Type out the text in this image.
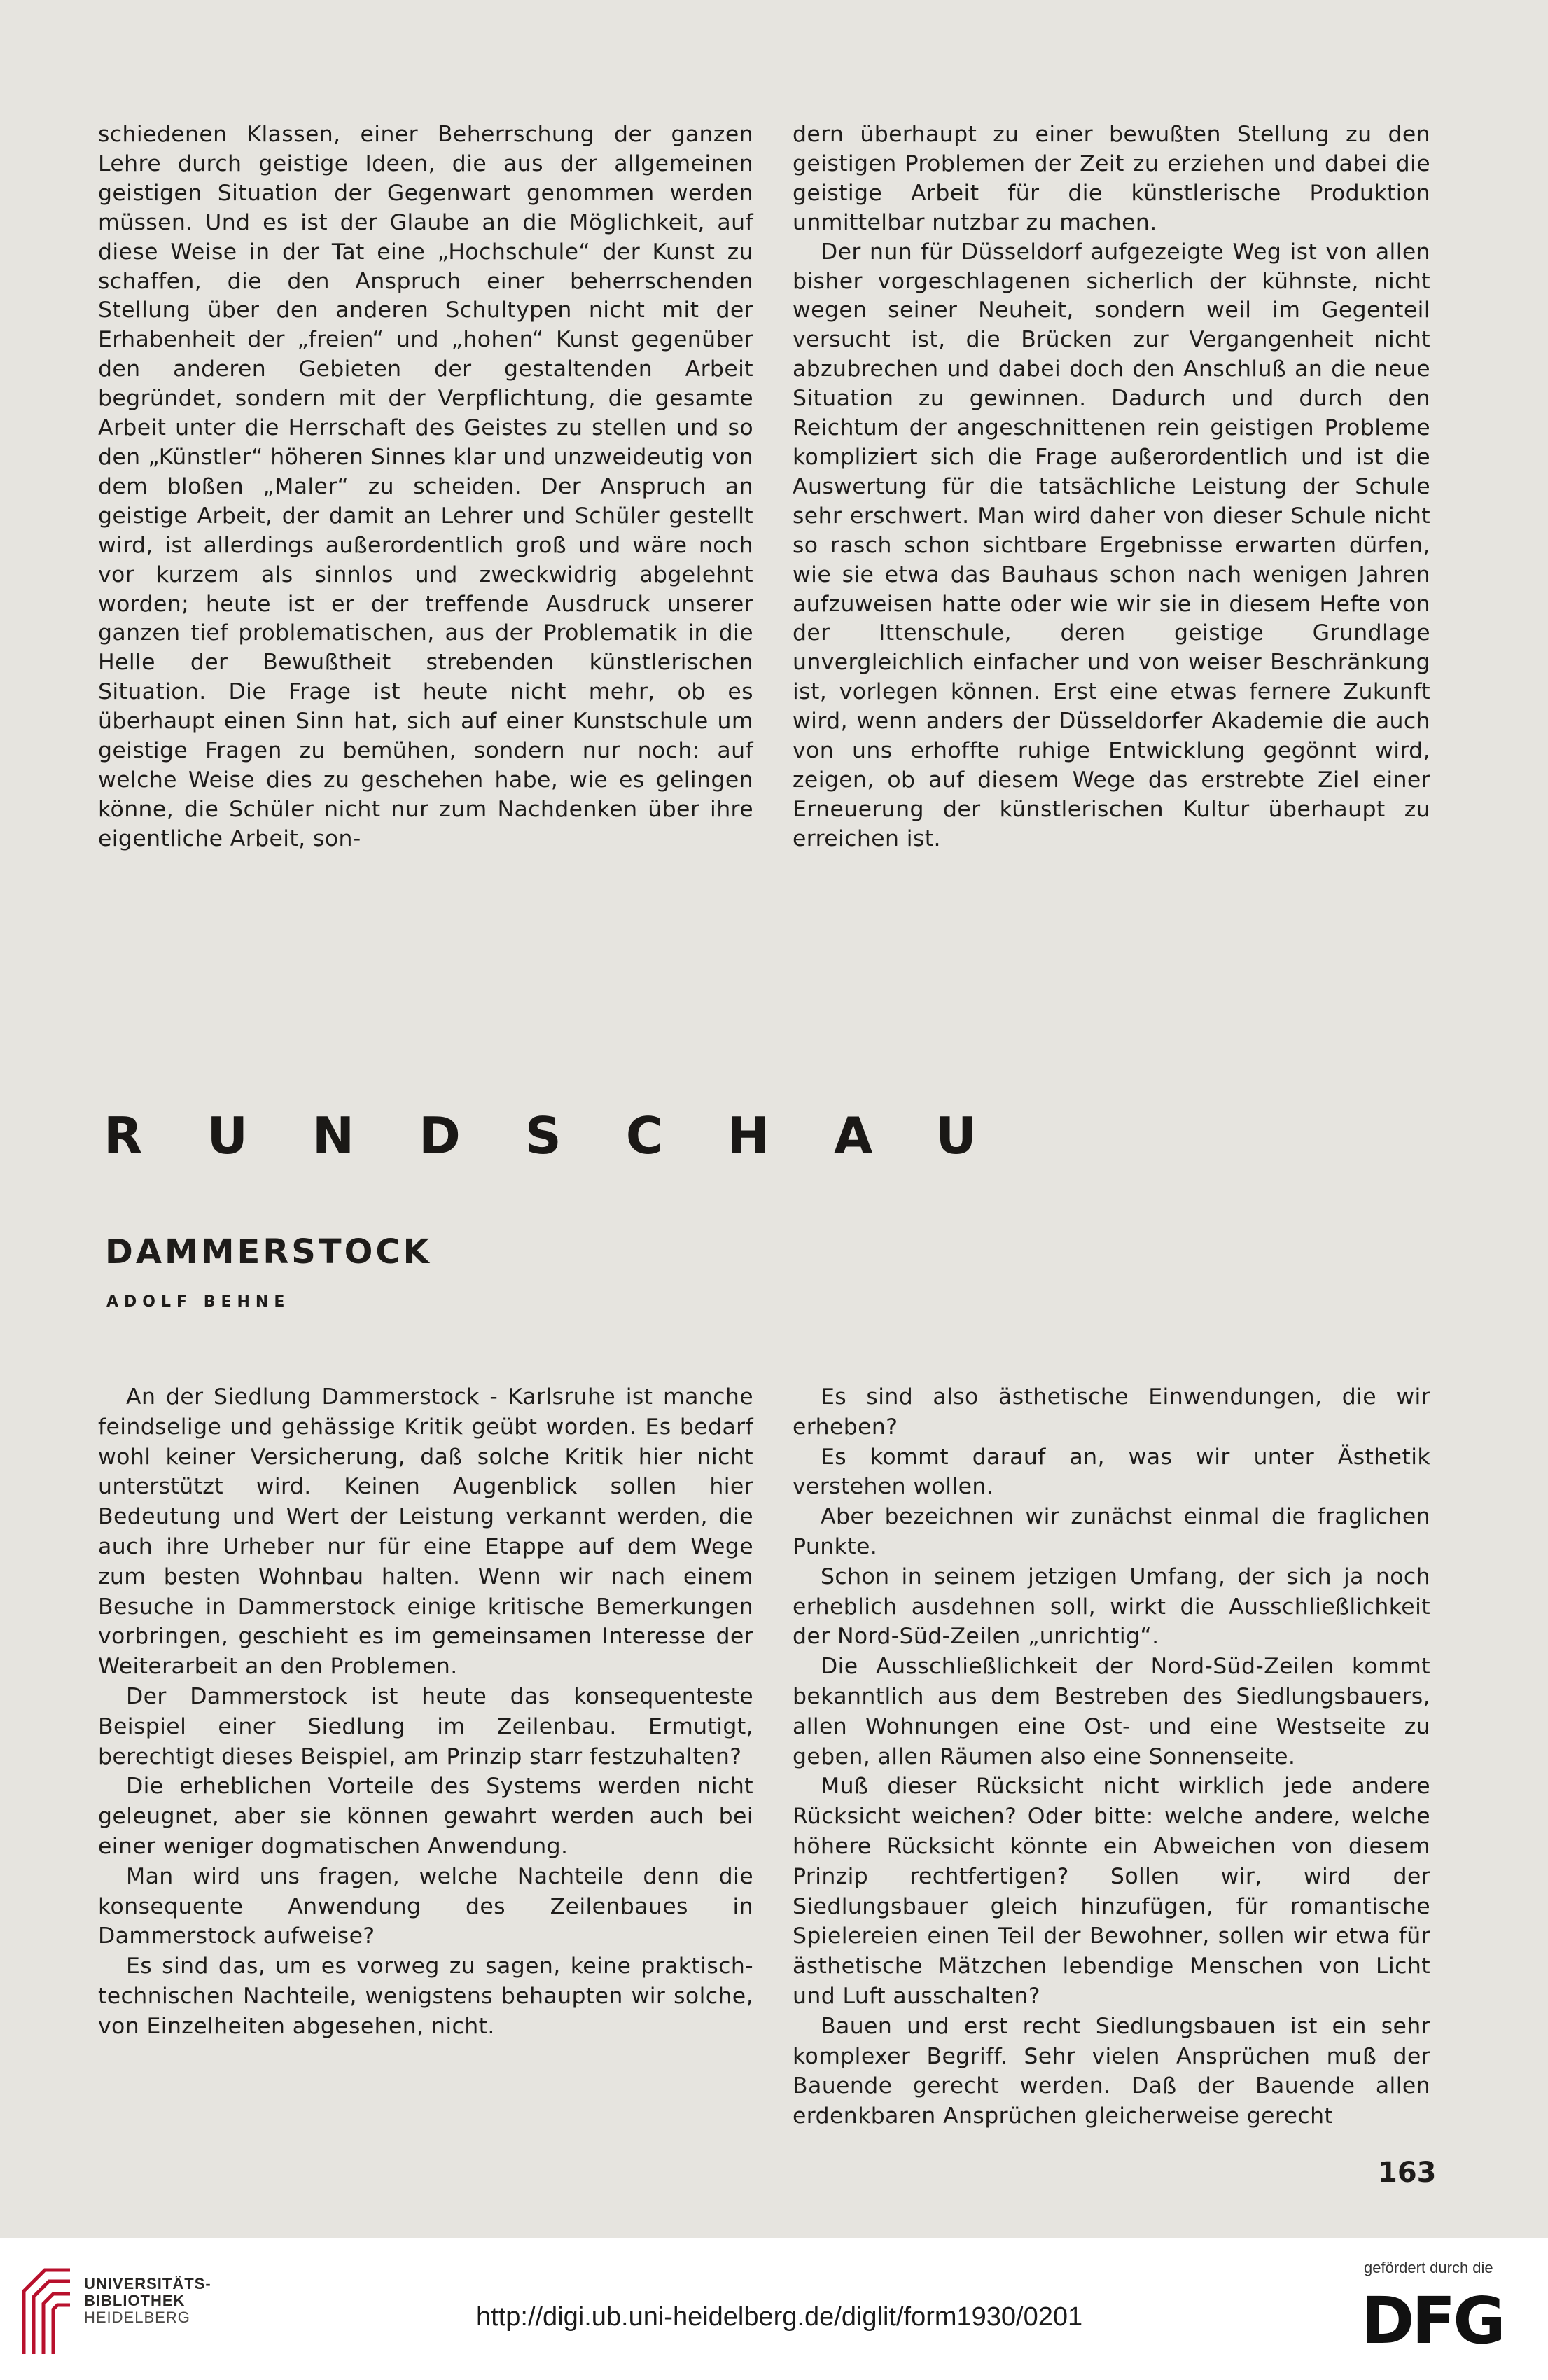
schiedenen Klassen, einer Beherrschung der ganzen Lehre durch geistige Ideen, die aus der allgemeinen geistigen Situation der Gegenwart genommen werden müssen. Und es ist der Glaube an die Möglichkeit, auf diese Weise in der Tat eine „Hochschule“ der Kunst zu schaffen, die den Anspruch einer beherrschenden Stellung über den anderen Schultypen nicht mit der Erhabenheit der „freien“ und „hohen“ Kunst gegenüber den anderen Gebieten der gestaltenden Arbeit begründet, sondern mit der Verpflichtung, die gesamte Arbeit unter die Herrschaft des Geistes zu stellen und so den „Künstler“ höheren Sinnes klar und unzweideutig von dem bloßen „Maler“ zu scheiden. Der Anspruch an geistige Arbeit, der damit an Lehrer und Schüler gestellt wird, ist allerdings außerordentlich groß und wäre noch vor kurzem als sinnlos und zweckwidrig abgelehnt worden; heute ist er der treffende Ausdruck unserer ganzen tief problematischen, aus der Problematik in die Helle der Bewußtheit strebenden künstlerischen Situation. Die Frage ist heute nicht mehr, ob es überhaupt einen Sinn hat, sich auf einer Kunstschule um geistige Fragen zu bemühen, sondern nur noch: auf welche Weise dies zu geschehen habe, wie es gelingen könne, die Schüler nicht nur zum Nachdenken über ihre eigentliche Arbeit, son-

dern überhaupt zu einer bewußten Stellung zu den geistigen Problemen der Zeit zu erziehen und dabei die geistige Arbeit für die künstlerische Produktion unmittelbar nutzbar zu machen.

Der nun für Düsseldorf aufgezeigte Weg ist von allen bisher vorgeschlagenen sicherlich der kühnste, nicht wegen seiner Neuheit, sondern weil im Gegenteil versucht ist, die Brücken zur Vergangenheit nicht abzubrechen und dabei doch den Anschluß an die neue Situation zu gewinnen. Dadurch und durch den Reichtum der angeschnittenen rein geistigen Probleme kompliziert sich die Frage außerordentlich und ist die Auswertung für die tatsächliche Leistung der Schule sehr erschwert. Man wird daher von dieser Schule nicht so rasch schon sichtbare Ergebnisse erwarten dürfen, wie sie etwa das Bauhaus schon nach wenigen Jahren aufzuweisen hatte oder wie wir sie in diesem Hefte von der Ittenschule, deren geistige Grundlage unvergleichlich einfacher und von weiser Beschränkung ist, vorlegen können. Erst eine etwas fernere Zukunft wird, wenn anders der Düsseldorfer Akademie die auch von uns erhoffte ruhige Entwicklung gegönnt wird, zeigen, ob auf diesem Wege das erstrebte Ziel einer Erneuerung der künstlerischen Kultur überhaupt zu erreichen ist.

RUNDSCHAU
DAMMERSTOCK
ADOLF BEHNE

An der Siedlung Dammerstock - Karlsruhe ist manche feindselige und gehässige Kritik geübt worden. Es bedarf wohl keiner Versicherung, daß solche Kritik hier nicht unterstützt wird. Keinen Augenblick sollen hier Bedeutung und Wert der Leistung verkannt werden, die auch ihre Urheber nur für eine Etappe auf dem Wege zum besten Wohnbau halten. Wenn wir nach einem Besuche in Dammerstock einige kritische Bemerkungen vorbringen, geschieht es im gemeinsamen Interesse der Weiterarbeit an den Problemen.

Der Dammerstock ist heute das konsequenteste Beispiel einer Siedlung im Zeilenbau. Ermutigt, berechtigt dieses Beispiel, am Prinzip starr festzuhalten?

Die erheblichen Vorteile des Systems werden nicht geleugnet, aber sie können gewahrt werden auch bei einer weniger dogmatischen Anwendung.

Man wird uns fragen, welche Nachteile denn die konsequente Anwendung des Zeilenbaues in Dammerstock aufweise?

Es sind das, um es vorweg zu sagen, keine praktisch-technischen Nachteile, wenigstens behaupten wir solche, von Einzelheiten abgesehen, nicht.

Es sind also ästhetische Einwendungen, die wir erheben?

Es kommt darauf an, was wir unter Ästhetik verstehen wollen.

Aber bezeichnen wir zunächst einmal die fraglichen Punkte.

Schon in seinem jetzigen Umfang, der sich ja noch erheblich ausdehnen soll, wirkt die Ausschließlichkeit der Nord-Süd-Zeilen „unrichtig“.

Die Ausschließlichkeit der Nord-Süd-Zeilen kommt bekanntlich aus dem Bestreben des Siedlungsbauers, allen Wohnungen eine Ost- und eine Westseite zu geben, allen Räumen also eine Sonnenseite.

Muß dieser Rücksicht nicht wirklich jede andere Rücksicht weichen? Oder bitte: welche andere, welche höhere Rücksicht könnte ein Abweichen von diesem Prinzip rechtfertigen? Sollen wir, wird der Siedlungsbauer gleich hinzufügen, für romantische Spielereien einen Teil der Bewohner, sollen wir etwa für ästhetische Mätzchen lebendige Menschen von Licht und Luft ausschalten?

Bauen und erst recht Siedlungsbauen ist ein sehr komplexer Begriff. Sehr vielen Ansprüchen muß der Bauende gerecht werden. Daß der Bauende allen erdenkbaren Ansprüchen gleicherweise gerecht

163
UNIVERSITÄTS-
BIBLIOTHEK
HEIDELBERG	http://digi.ub.uni-heidelberg.de/diglit/form1930/0201
gefördert durch die
DFG
